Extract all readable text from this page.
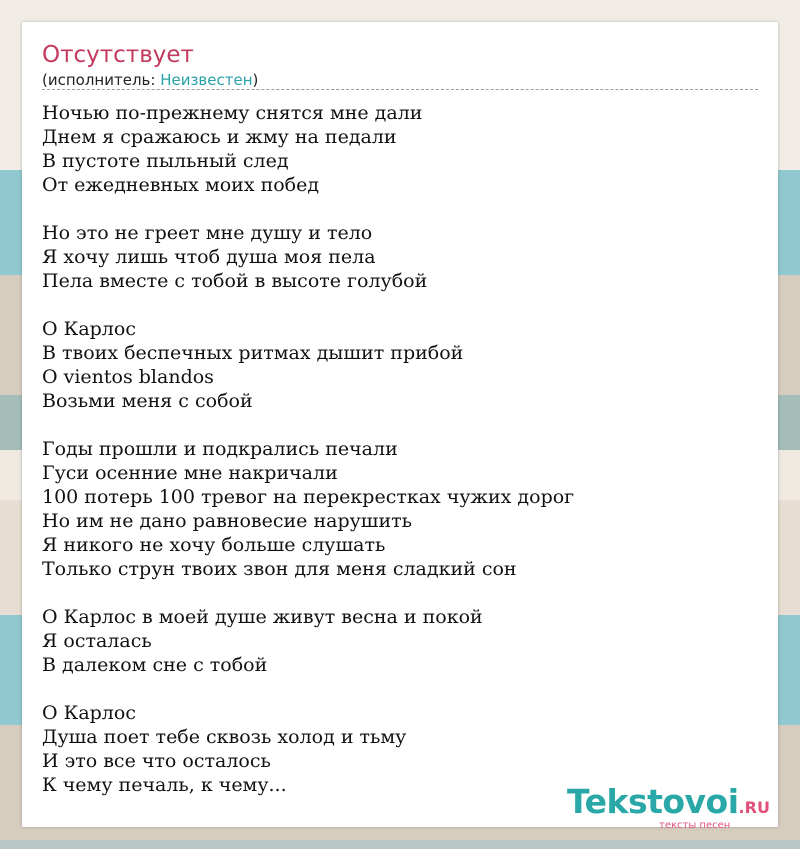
Отсутствует
(исполнитель: Неизвестен)
Ночью по-прежнему снятся мне дали
Днем я сражаюсь и жму на педали
В пустоте пыльный след
От ежедневных моих побед
Но это не греет мне душу и тело
Я хочу лишь чтоб душа моя пела
Пела вместе с тобой в высоте голубой
О Карлос
В твоих беспечных ритмах дышит прибой
O vientos blandos
Возьми меня с собой
Годы прошли и подкрались печали
Гуси осенние мне накричали
100 потерь 100 тревог на перекрестках чужих дорог
Но им не дано равновесие нарушить
Я никого не хочу больше слушать
Только струн твоих звон для меня сладкий сон
О Карлос в моей душе живут весна и покой
Я осталась
В далеком сне с тобой
О Карлос
Душа поет тебе сквозь холод и тьму
И это все что осталось
К чему печаль, к чему...	Tekstovoi.RU
тексты песен
